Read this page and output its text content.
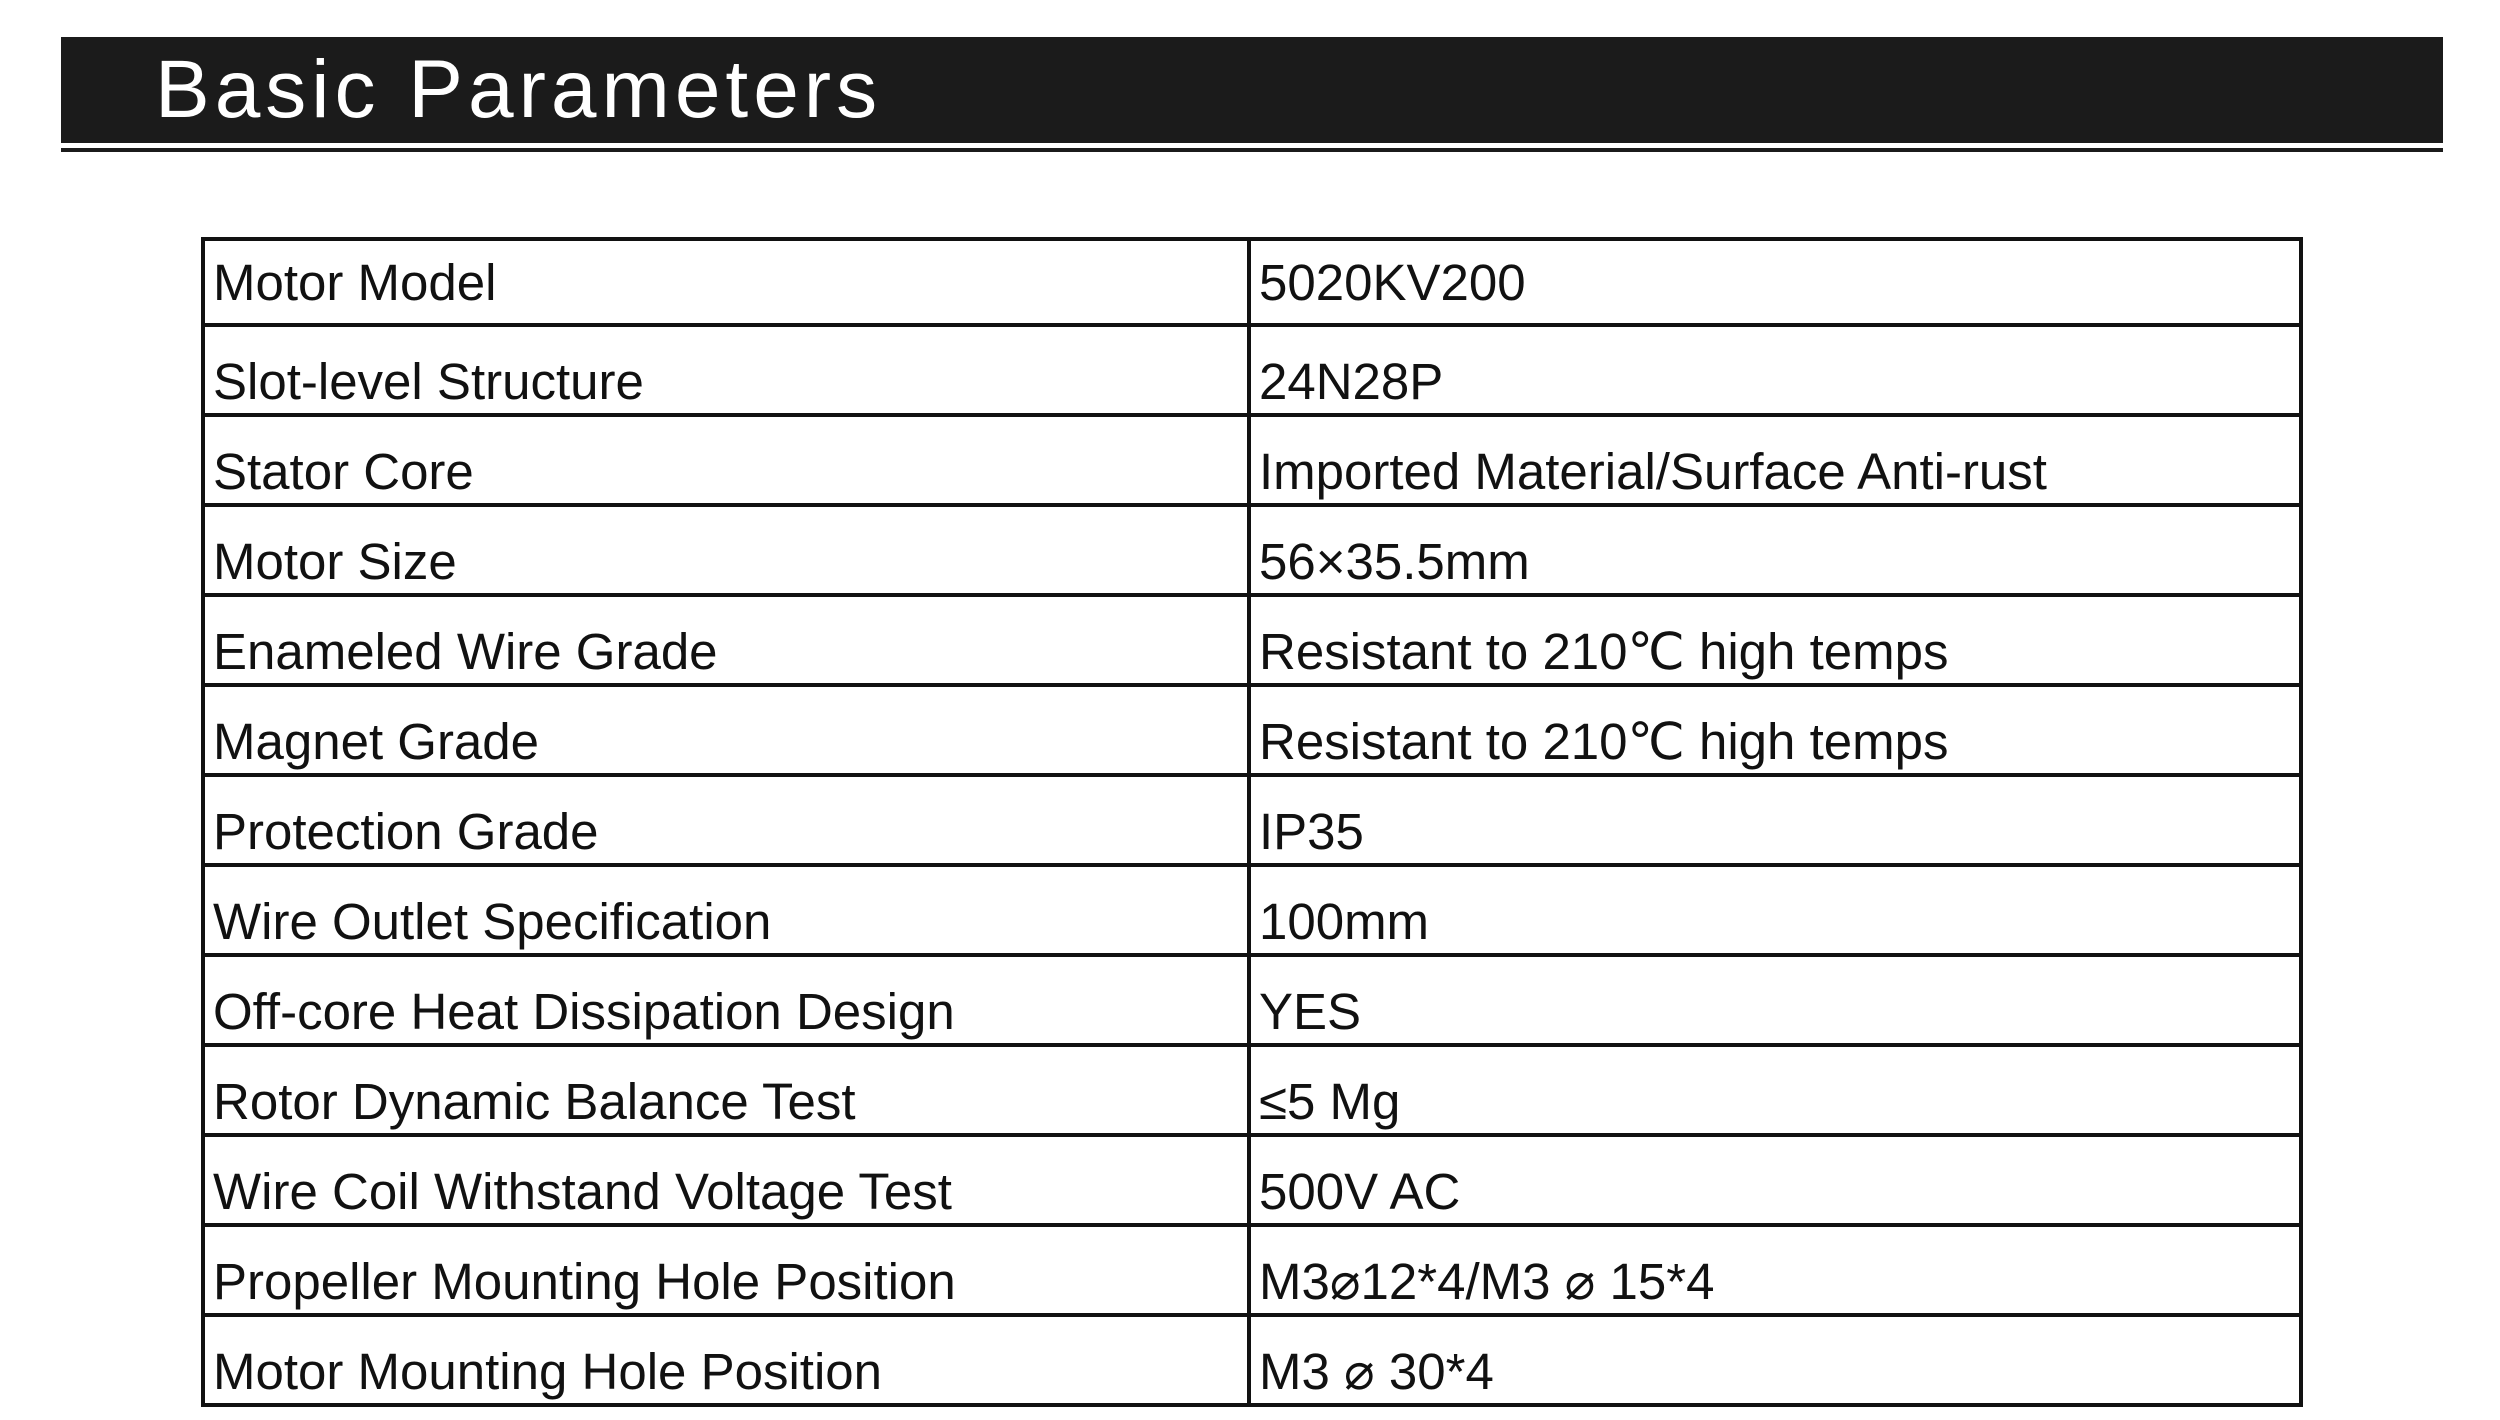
Basic Parameters
Motor Model	5020KV200
Slot-level Structure	24N28P
Stator Core	Imported Material/Surface Anti-rust
Motor Size	56×35.5mm
Enameled Wire Grade	Resistant to 210℃ high temps
Magnet Grade	Resistant to 210℃ high temps
Protection Grade	IP35
Wire Outlet Specification	100mm
Off-core Heat Dissipation Design	YES
Rotor Dynamic Balance Test	≤5 Mg
Wire Coil Withstand Voltage Test	500V AC
Propeller Mounting Hole Position	M3⌀12*4/M3 ⌀ 15*4
Motor Mounting Hole Position	M3 ⌀ 30*4
